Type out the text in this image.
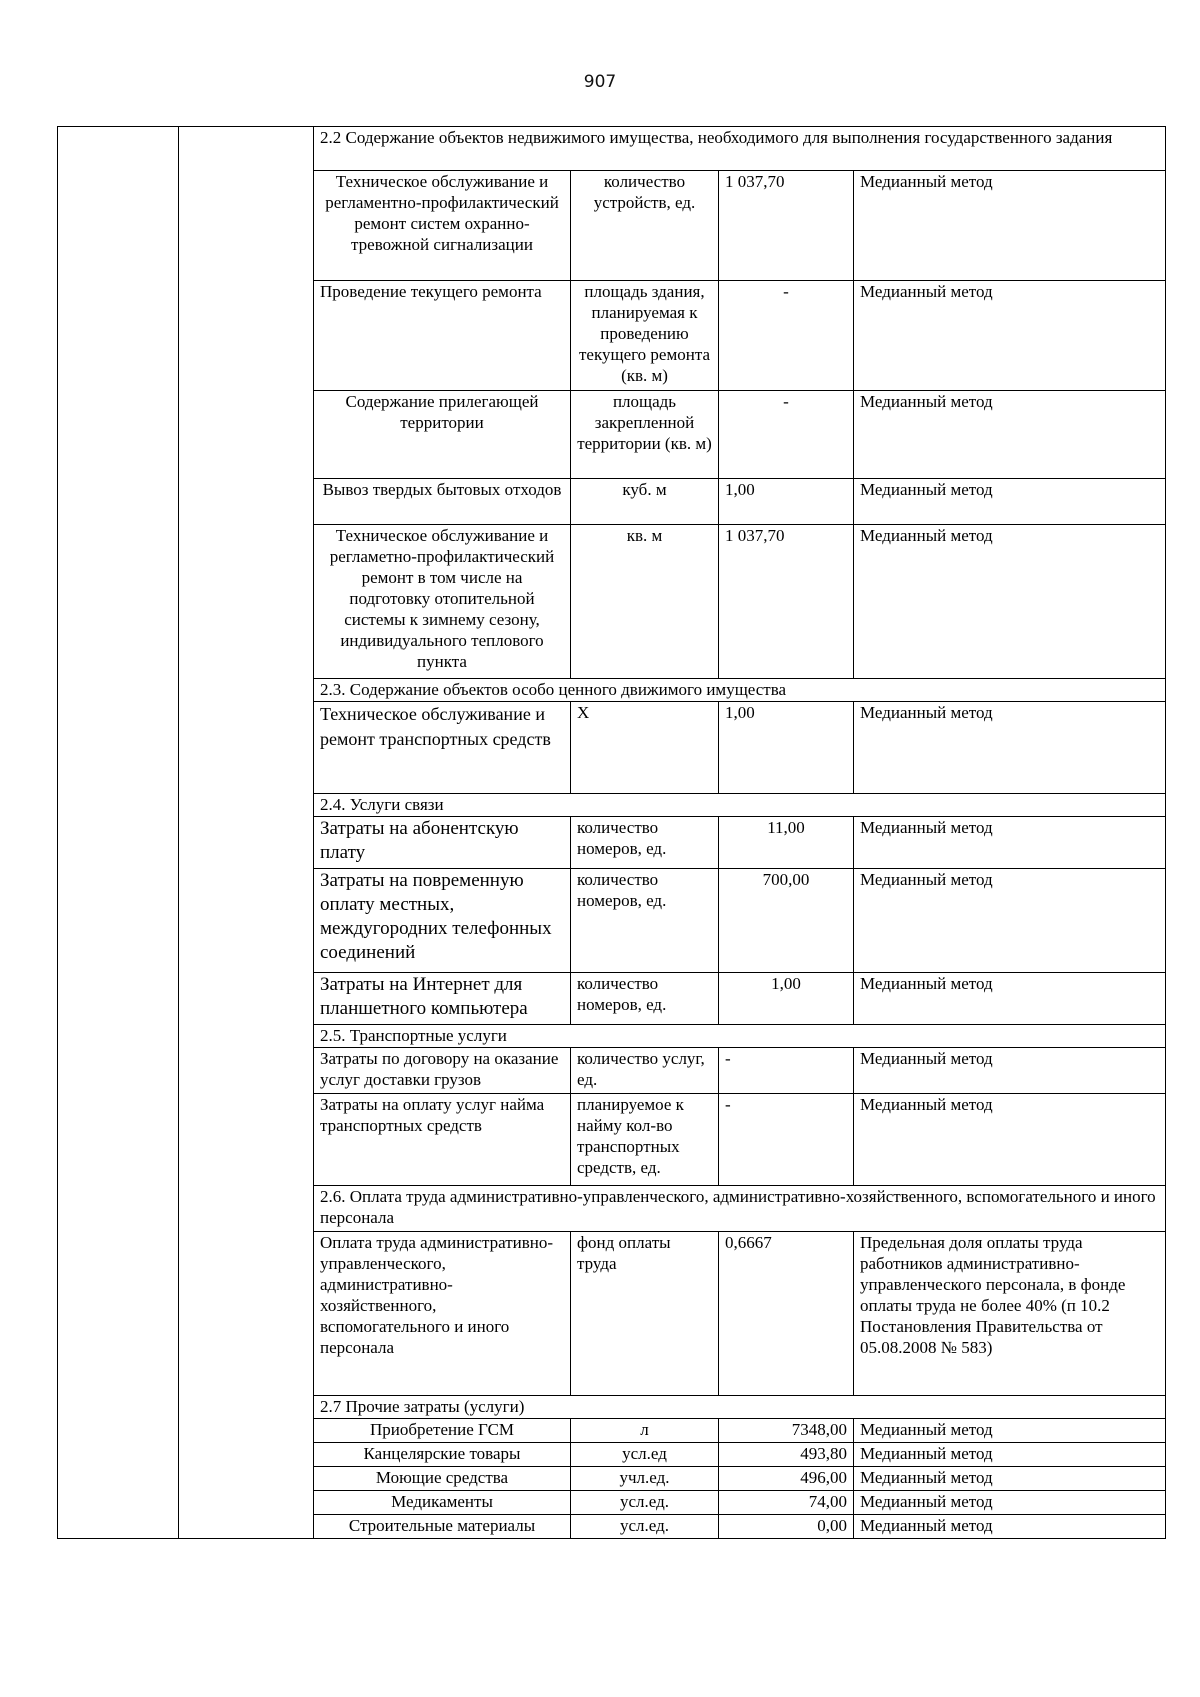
907
		2.2 Содержание объектов недвижимого имущества, необходимого для выполнения государственного задания			
		Техническое обслуживание и регламентно-профилактический ремонт систем охранно-тревожной сигнализации	количество устройств, ед.	1 037,70	Медианный метод
		Проведение текущего ремонта	площадь здания, планируемая к проведению текущего ремонта (кв. м)	-	Медианный метод
		Содержание прилегающей территории	площадь закрепленной территории (кв. м)	-	Медианный метод
		Вывоз твердых бытовых отходов	куб. м	1,00	Медианный метод
		Техническое обслуживание и регламетно-профилактический ремонт в том числе на подготовку отопительной системы к зимнему сезону, индивидуального теплового пункта	кв. м	1 037,70	Медианный метод
		2.3. Содержание объектов особо ценного движимого имущества			
		Техническое обслуживание и ремонт транспортных средств	Х	1,00	Медианный метод
		2.4. Услуги связи			
		Затраты на абонентскую плату	количество номеров, ед.	11,00	Медианный метод
		Затраты на повременную оплату местных, междугородних телефонных соединений	количество номеров, ед.	700,00	Медианный метод
		Затраты на Интернет для планшетного компьютера	количество номеров, ед.	1,00	Медианный метод
		2.5. Транспортные услуги			
		Затраты по договору на оказание услуг доставки грузов	количество услуг, ед.	-	Медианный метод
		Затраты на оплату услуг найма транспортных средств	планируемое к найму кол-во транспортных средств, ед.	-	Медианный метод
		2.6. Оплата труда административно-управленческого, административно-хозяйственного, вспомогательного и иного персонала			
		Оплата труда административно-управленческого, административно-хозяйственного, вспомогательного и иного персонала	фонд оплаты труда	0,6667	Предельная доля оплаты труда работников административно-управленческого персонала, в фонде оплаты труда не более 40% (п 10.2 Постановления Правительства от 05.08.2008 № 583)
		2.7 Прочие затраты (услуги)			
		Приобретение ГСМ	л	7348,00	Медианный метод
		Канцелярские товары	усл.ед	493,80	Медианный метод
		Моющие средства	учл.ед.	496,00	Медианный метод
		Медикаменты	усл.ед.	74,00	Медианный метод
		Строительные материалы	усл.ед.	0,00	Медианный метод
